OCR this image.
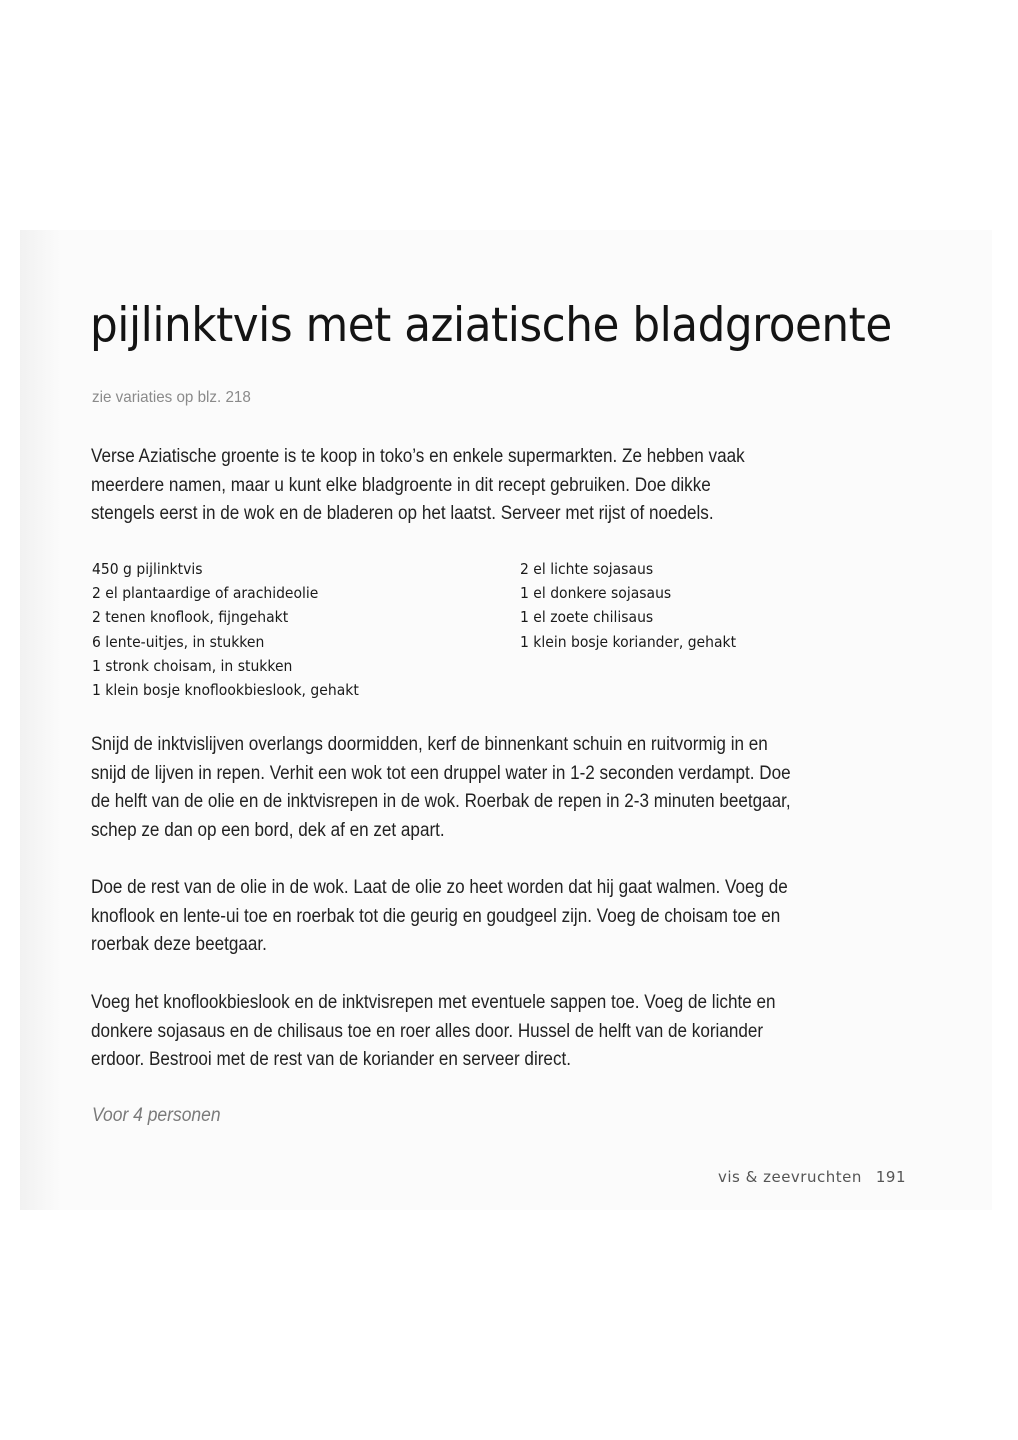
pijlinktvis met aziatische bladgroente
zie variaties op blz. 218

Verse Aziatische groente is te koop in toko’s en enkele supermarkten. Ze hebben vaak
meerdere namen, maar u kunt elke bladgroente in dit recept gebruiken. Doe dikke
stengels eerst in de wok en de bladeren op het laatst. Serveer met rijst of noedels.

450 g pijlinktvis
2 el plantaardige of arachideolie
2 tenen knoflook, fijngehakt
6 lente-uitjes, in stukken
1 stronk choisam, in stukken
1 klein bosje knoflookbieslook, gehakt
2 el lichte sojasaus
1 el donkere sojasaus
1 el zoete chilisaus
1 klein bosje koriander, gehakt

Snijd de inktvislijven overlangs doormidden, kerf de binnenkant schuin en ruitvormig in en
snijd de lijven in repen. Verhit een wok tot een druppel water in 1-2 seconden verdampt. Doe
de helft van de olie en de inktvisrepen in de wok. Roerbak de repen in 2-3 minuten beetgaar,
schep ze dan op een bord, dek af en zet apart.

Doe de rest van de olie in de wok. Laat de olie zo heet worden dat hij gaat walmen. Voeg de
knoflook en lente-ui toe en roerbak tot die geurig en goudgeel zijn. Voeg de choisam toe en
roerbak deze beetgaar.

Voeg het knoflookbieslook en de inktvisrepen met eventuele sappen toe. Voeg de lichte en
donkere sojasaus en de chilisaus toe en roer alles door. Hussel de helft van de koriander
erdoor. Bestrooi met de rest van de koriander en serveer direct.

Voor 4 personen
vis & zeevruchten 191
